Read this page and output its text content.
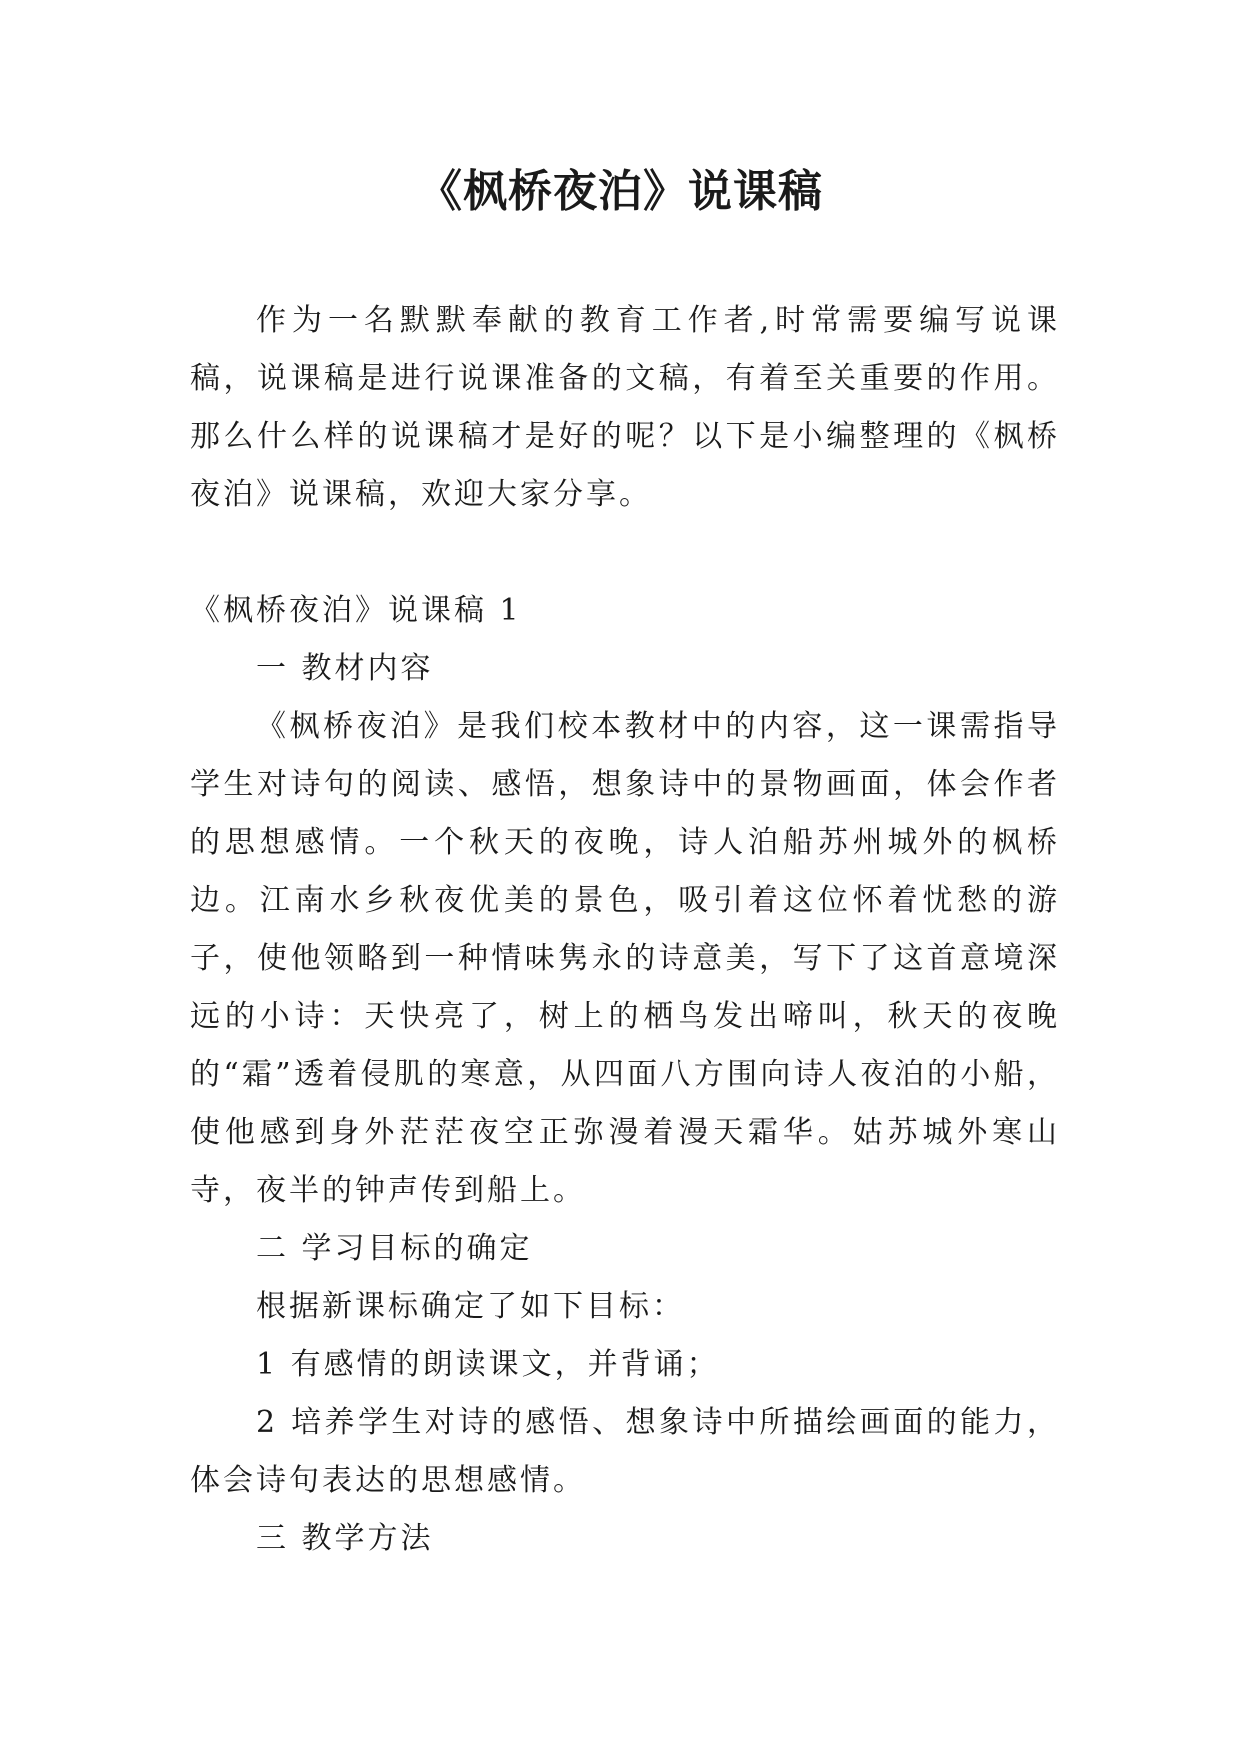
《枫桥夜泊》说课稿

作为一名默默奉献的教育工作者,时常需要编写说课稿，说课稿是进行说课准备的文稿，有着至关重要的作用。那么什么样的说课稿才是好的呢？以下是小编整理的《枫桥夜泊》说课稿，欢迎大家分享。

《枫桥夜泊》说课稿 1

一 教材内容

《枫桥夜泊》是我们校本教材中的内容，这一课需指导学生对诗句的阅读、感悟，想象诗中的景物画面，体会作者的思想感情。一个秋天的夜晚，诗人泊船苏州城外的枫桥边。江南水乡秋夜优美的景色，吸引着这位怀着忧愁的游子，使他领略到一种情味隽永的诗意美，写下了这首意境深远的小诗：天快亮了，树上的栖鸟发出啼叫，秋天的夜晚的“霜”透着侵肌的寒意，从四面八方围向诗人夜泊的小船，使他感到身外茫茫夜空正弥漫着漫天霜华。姑苏城外寒山寺，夜半的钟声传到船上。

二 学习目标的确定

根据新课标确定了如下目标：

1 有感情的朗读课文，并背诵；

2 培养学生对诗的感悟、想象诗中所描绘画面的能力，体会诗句表达的思想感情。

三 教学方法
